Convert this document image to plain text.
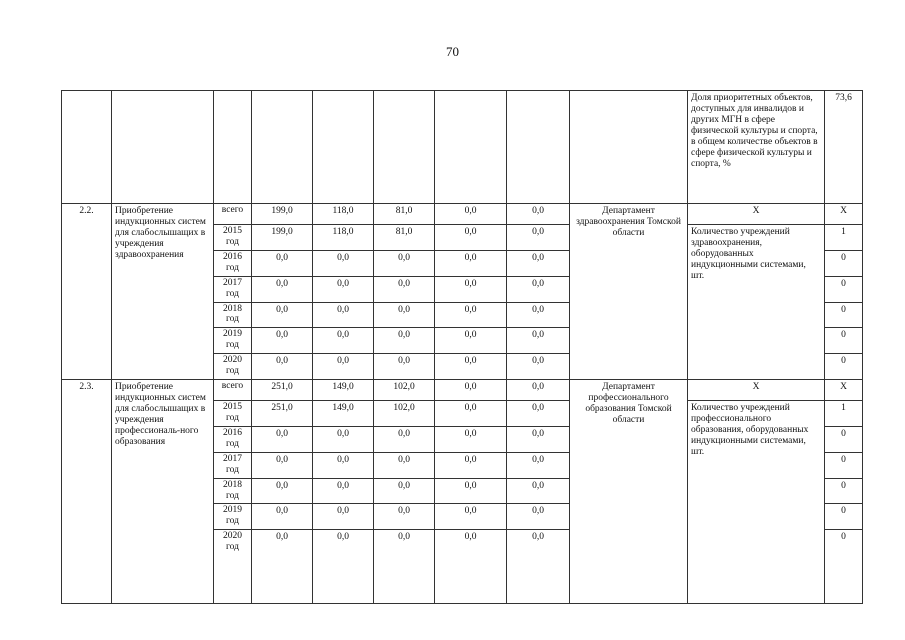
70
									Доля приоритетных объектов, доступных для инвалидов и других МГН в сфере физической культуры и спорта, в общем количестве объектов в сфере физической культуры и спорта, %	73,6
2.2.	Приобретение индукционных систем для слабослышащих в учреждения здравоохранения	всего	199,0	118,0	81,0	0,0	0,0	Департамент здравоохранения Томской области	X	X
		2015 год	199,0	118,0	81,0	0,0	0,0		Количество учреждений здравоохранения, оборудованных индукционными системами, шт.	1
		2016 год	0,0	0,0	0,0	0,0	0,0			0
		2017 год	0,0	0,0	0,0	0,0	0,0			0
		2018 год	0,0	0,0	0,0	0,0	0,0			0
		2019 год	0,0	0,0	0,0	0,0	0,0			0
		2020 год	0,0	0,0	0,0	0,0	0,0			0
2.3.	Приобретение индукционных систем для слабослышащих в учреждения профессиональ-ного образования	всего	251,0	149,0	102,0	0,0	0,0	Департамент профессионального образования Томской области	X	X
		2015 год	251,0	149,0	102,0	0,0	0,0		Количество учреждений профессионального образования, оборудованных индукционными системами, шт.	1
		2016 год	0,0	0,0	0,0	0,0	0,0			0
		2017 год	0,0	0,0	0,0	0,0	0,0			0
		2018 год	0,0	0,0	0,0	0,0	0,0			0
		2019 год	0,0	0,0	0,0	0,0	0,0			0
		2020 год	0,0	0,0	0,0	0,0	0,0			0
